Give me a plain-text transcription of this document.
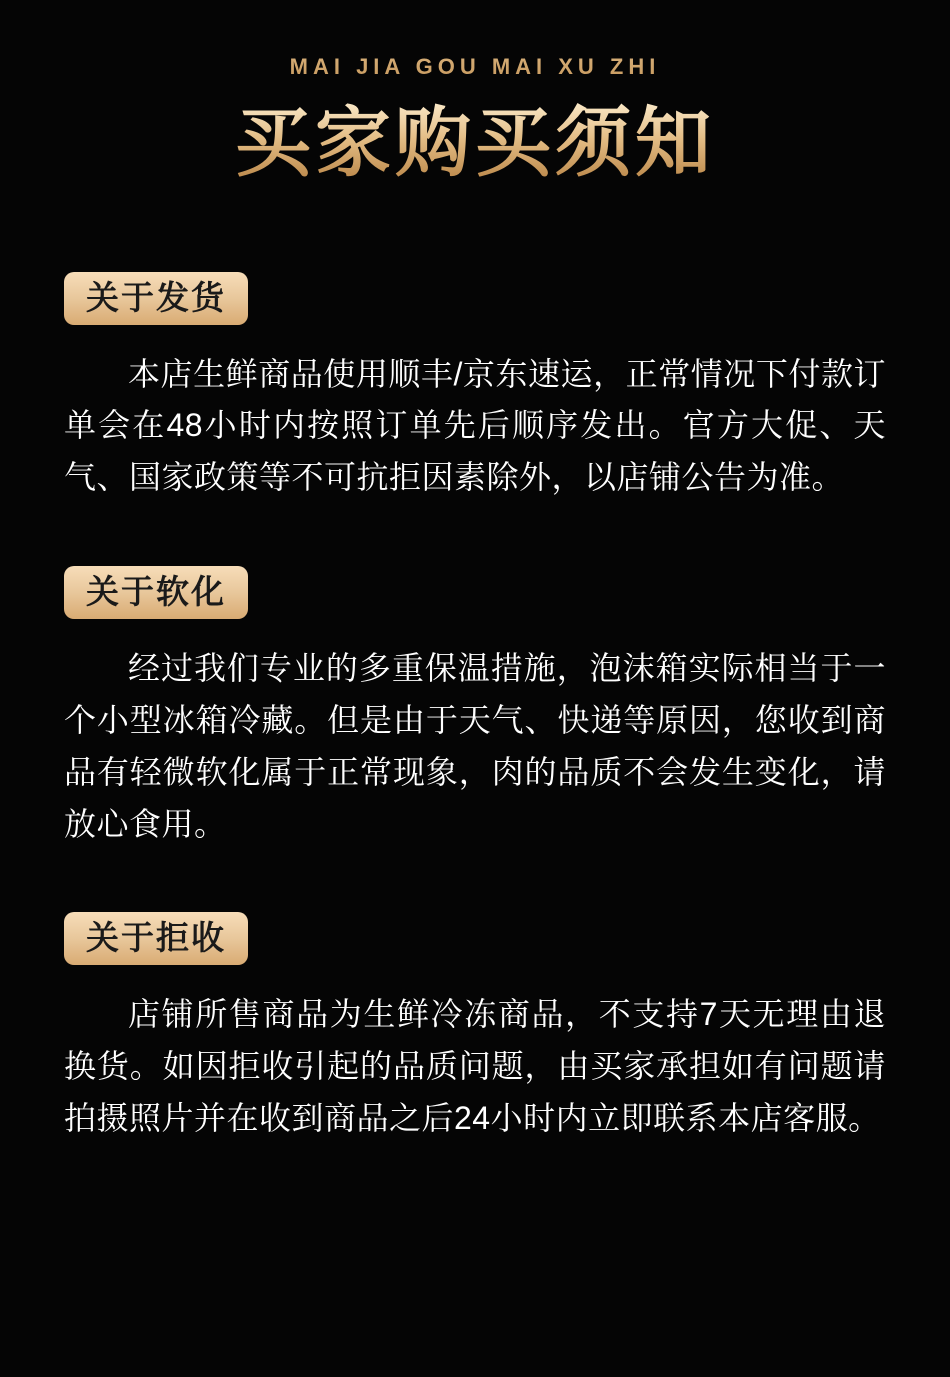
MAI JIA GOU MAI XU ZHI
买家购买须知
关于发货

本店生鲜商品使用顺丰/京东速运，正常情况下付款订单会在48小时内按照订单先后顺序发出。官方大促、天气、国家政策等不可抗拒因素除外，以店铺公告为准。

关于软化

经过我们专业的多重保温措施，泡沫箱实际相当于一个小型冰箱冷藏。但是由于天气、快递等原因，您收到商品有轻微软化属于正常现象，肉的品质不会发生变化，请放心食用。

关于拒收

店铺所售商品为生鲜冷冻商品，不支持7天无理由退换货。如因拒收引起的品质问题，由买家承担如有问题请拍摄照片并在收到商品之后24小时内立即联系本店客服。
